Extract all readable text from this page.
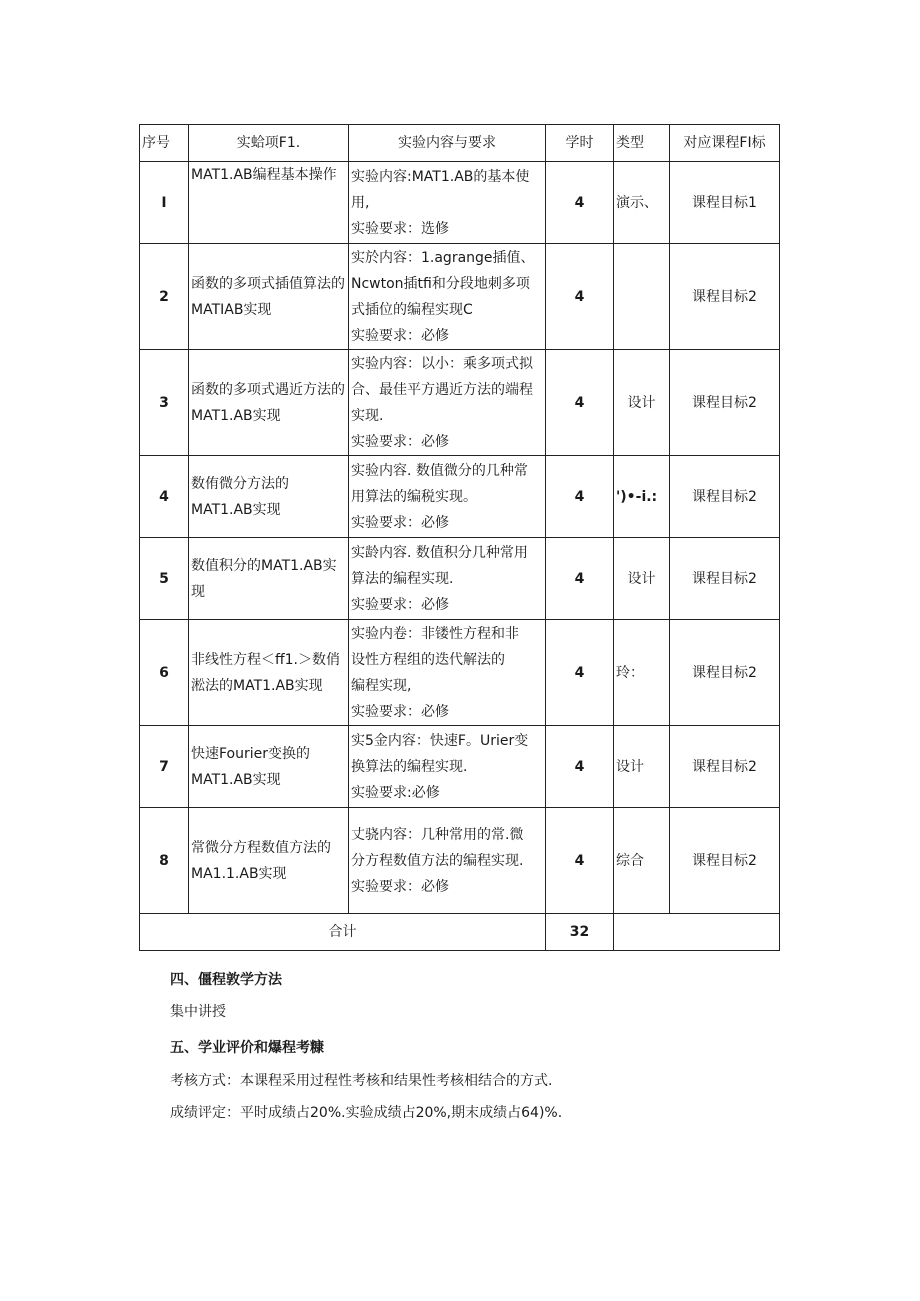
序号	实蛤项F1.	实验内容与要求	学时	类型	对应课程FI标
I	MAT1.AB编程基本操作	实验内容:MAT1.AB的基本使
用,
实验要求：选修	4	演示、	课程目标1
2	函数的多项式插值算法的MATIAB实现	实於内容：1.agrange插值、
Ncwton插tfi和分段地刺多项
式插位的编程实现C
实验要求：必修	4		课程目标2
3	函数的多项式遇近方法的MAT1.AB实现	实验内容：以小：乘多项式拟
合、最佳平方遇近方法的端程
实现.
实验要求：必修	4	设计	课程目标2
4	数侑微分方法的MAT1.AB实现	实验内容. 数值微分的几种常
用算法的编税实现。
实验要求：必修	4	')•-i.:	课程目标2
5	数值积分的MAT1.AB实现	实龄内容. 数值积分几种常用
算法的编程实现.
实验要求：必修	4	设计	课程目标2
6	非线性方程＜ff1.＞数俏淞法的MAT1.AB实现	实验内卷：非镂性方程和非
设性方程组的迭代解法的
编程实现,
实验要求：必修	4	玲：	课程目标2
7	快速Fourier变换的MAT1.AB实现	实5金内容：快速F。Urier变
换算法的编程实现.
实验要求:必修	4	设计	课程目标2
8	常微分方程数值方法的MA1.1.AB实现	丈骁内容：几种常用的常.微
分方程数值方法的编程实现.
实验要求：必修	4	综合	课程目标2
合计			32		
四、僵程敦学方法
集中讲授
五、学业评价和爆程考糠
考核方式：本课程采用过程性考核和结果性考核相结合的方式.
成绩评定：平时成绩占20%.实验成绩占20%,期末成绩占64)%.
